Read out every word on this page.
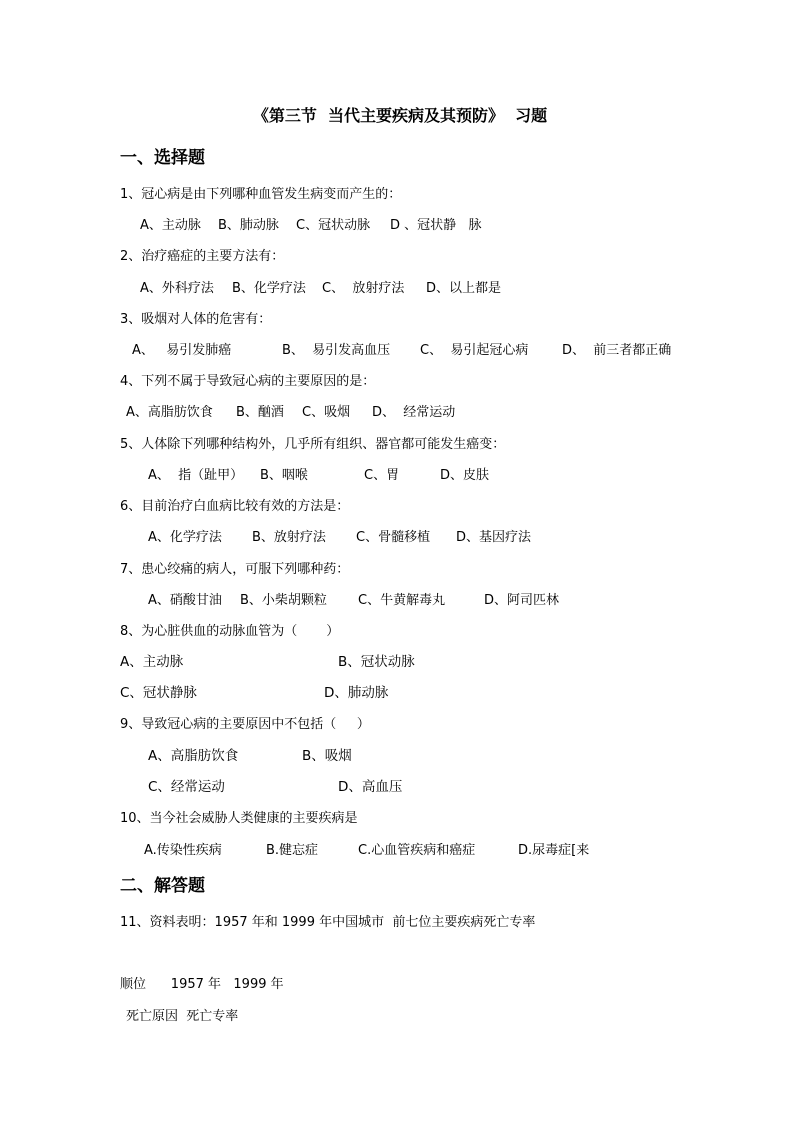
《第三节  当代主要疾病及其预防》  习题
一、选择题
1、冠心病是由下列哪种血管发生病变而产生的：
A、主动脉 B、肺动脉 C、冠状动脉 D 、冠状静   脉
2、治疗癌症的主要方法有：
A、外科疗法 B、化学疗法 C、  放射疗法 D、以上都是
3、吸烟对人体的危害有：
A、   易引发肺癌	B、  易引发高血压 C、  易引起冠心病	D、  前三者都正确
4、下列不属于导致冠心病的主要原因的是：
A、高脂肪饮食 B、酗酒 C、吸烟 D、  经常运动
5、人体除下列哪种结构外，几乎所有组织、器官都可能发生癌变：
A、  指（趾甲） B、咽喉	C、胃	D、皮肤
6、目前治疗白血病比较有效的方法是：
A、化学疗法 B、放射疗法 C、骨髓移植 D、基因疗法
7、患心绞痛的病人，可服下列哪种药：
A、硝酸甘油 B、小柴胡颗粒 C、牛黄解毒丸	D、阿司匹林
8、为心脏供血的动脉血管为（       ）
A、主动脉	B、冠状动脉
C、冠状静脉	D、肺动脉
9、导致冠心病的主要原因中不包括（     ）
A、高脂肪饮食	B、吸烟
C、经常运动	D、高血压
10、当今社会威胁人类健康的主要疾病是
A.传染性疾病	B.健忘症	C.心血管疾病和癌症	D.尿毒症[来
二、解答题
11、资料表明：1957 年和 1999 年中国城市  前七位主要疾病死亡专率
顺位      1957 年   1999 年
死亡原因  死亡专率
